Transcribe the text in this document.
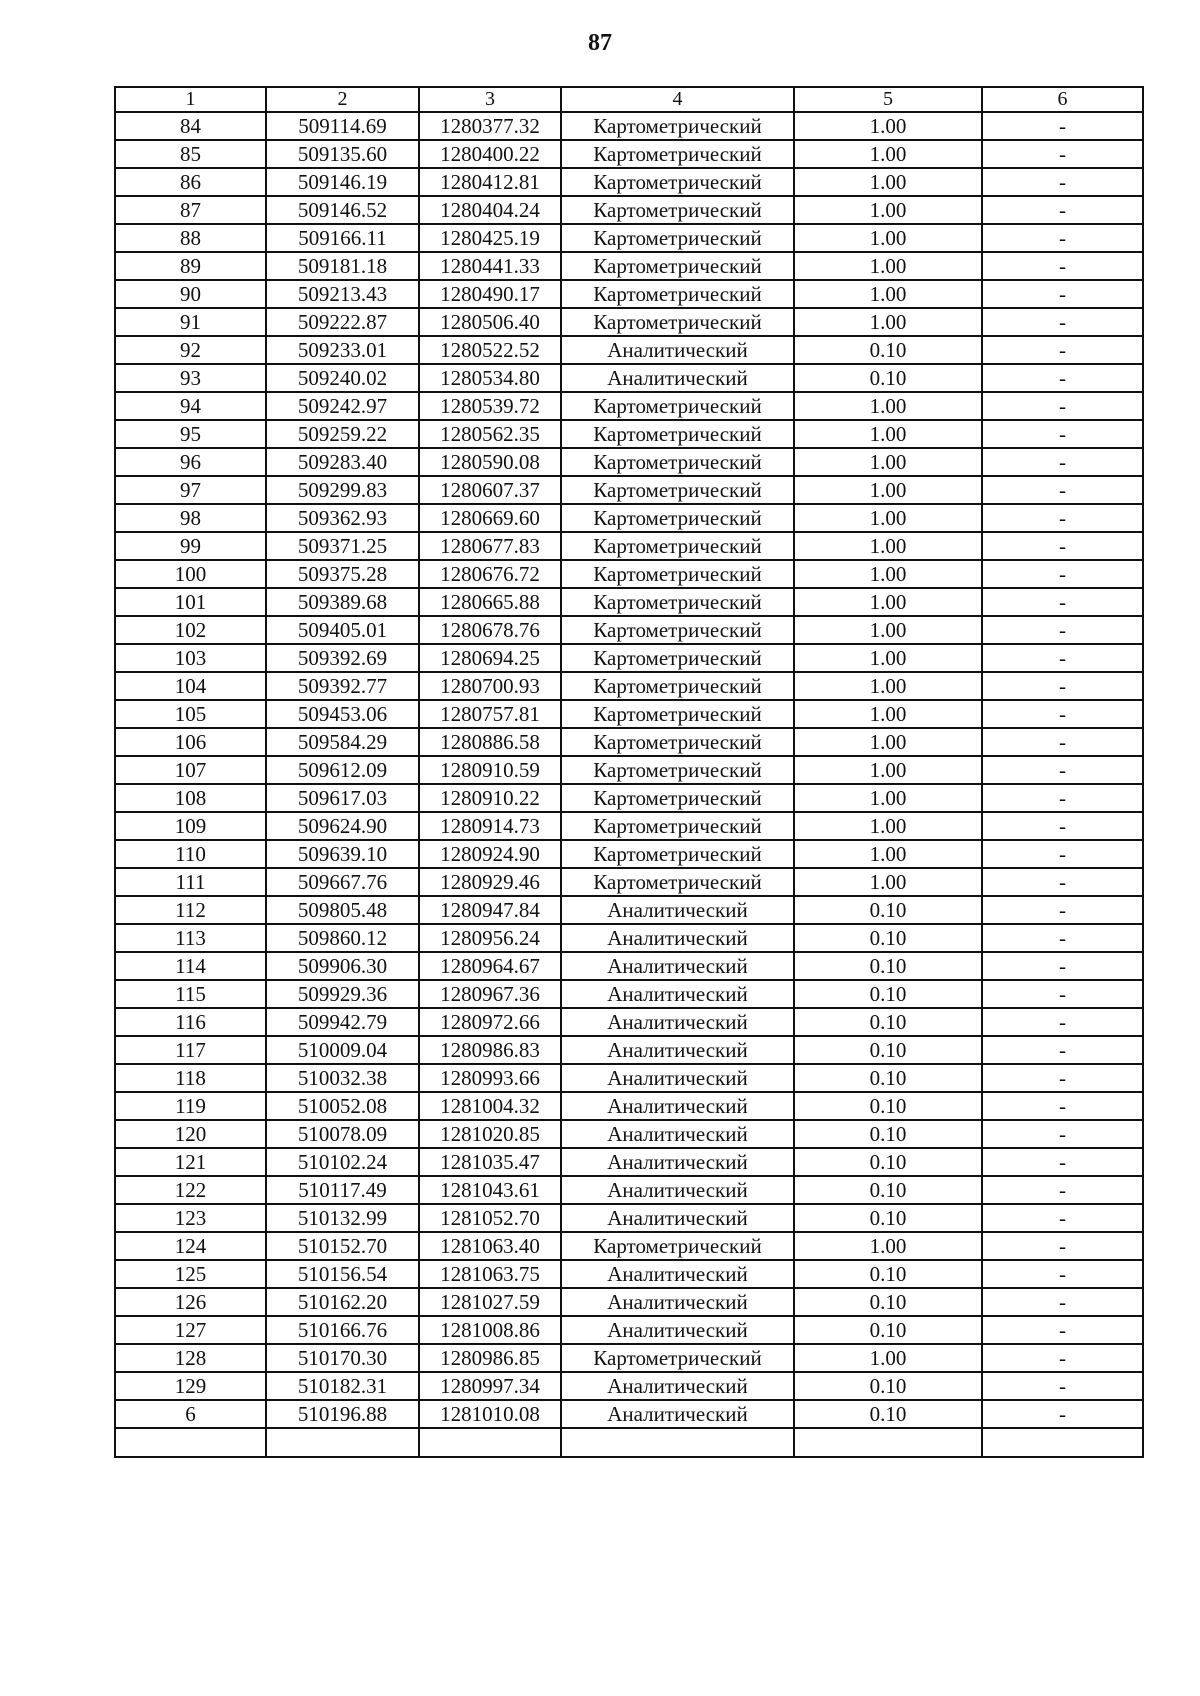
87
1	2	3	4	5	6
84	509114.69	1280377.32	Картометрический	1.00	-
85	509135.60	1280400.22	Картометрический	1.00	-
86	509146.19	1280412.81	Картометрический	1.00	-
87	509146.52	1280404.24	Картометрический	1.00	-
88	509166.11	1280425.19	Картометрический	1.00	-
89	509181.18	1280441.33	Картометрический	1.00	-
90	509213.43	1280490.17	Картометрический	1.00	-
91	509222.87	1280506.40	Картометрический	1.00	-
92	509233.01	1280522.52	Аналитический	0.10	-
93	509240.02	1280534.80	Аналитический	0.10	-
94	509242.97	1280539.72	Картометрический	1.00	-
95	509259.22	1280562.35	Картометрический	1.00	-
96	509283.40	1280590.08	Картометрический	1.00	-
97	509299.83	1280607.37	Картометрический	1.00	-
98	509362.93	1280669.60	Картометрический	1.00	-
99	509371.25	1280677.83	Картометрический	1.00	-
100	509375.28	1280676.72	Картометрический	1.00	-
101	509389.68	1280665.88	Картометрический	1.00	-
102	509405.01	1280678.76	Картометрический	1.00	-
103	509392.69	1280694.25	Картометрический	1.00	-
104	509392.77	1280700.93	Картометрический	1.00	-
105	509453.06	1280757.81	Картометрический	1.00	-
106	509584.29	1280886.58	Картометрический	1.00	-
107	509612.09	1280910.59	Картометрический	1.00	-
108	509617.03	1280910.22	Картометрический	1.00	-
109	509624.90	1280914.73	Картометрический	1.00	-
110	509639.10	1280924.90	Картометрический	1.00	-
111	509667.76	1280929.46	Картометрический	1.00	-
112	509805.48	1280947.84	Аналитический	0.10	-
113	509860.12	1280956.24	Аналитический	0.10	-
114	509906.30	1280964.67	Аналитический	0.10	-
115	509929.36	1280967.36	Аналитический	0.10	-
116	509942.79	1280972.66	Аналитический	0.10	-
117	510009.04	1280986.83	Аналитический	0.10	-
118	510032.38	1280993.66	Аналитический	0.10	-
119	510052.08	1281004.32	Аналитический	0.10	-
120	510078.09	1281020.85	Аналитический	0.10	-
121	510102.24	1281035.47	Аналитический	0.10	-
122	510117.49	1281043.61	Аналитический	0.10	-
123	510132.99	1281052.70	Аналитический	0.10	-
124	510152.70	1281063.40	Картометрический	1.00	-
125	510156.54	1281063.75	Аналитический	0.10	-
126	510162.20	1281027.59	Аналитический	0.10	-
127	510166.76	1281008.86	Аналитический	0.10	-
128	510170.30	1280986.85	Картометрический	1.00	-
129	510182.31	1280997.34	Аналитический	0.10	-
6	510196.88	1281010.08	Аналитический	0.10	-
